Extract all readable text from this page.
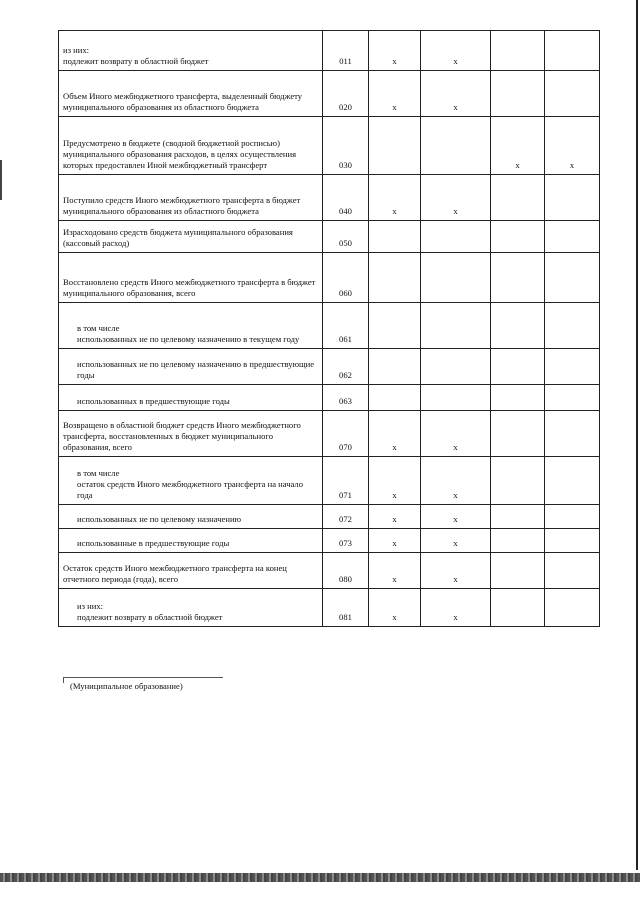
из них:
подлежит возврату в областной бюджет	011	x	x		
Объем Иного межбюджетного трансферта, выделенный бюджету муниципального образования из областного бюджета	020	x	x		
Предусмотрено в бюджете (сводной бюджетной росписью) муниципального образования расходов, в целях осуществления которых предоставлен Иной межбюджетный трансферт	030			x	x
Поступило средств Иного межбюджетного трансферта в бюджет муниципального образования из областного бюджета	040	x	x		
Израсходовано средств бюджета муниципального образования (кассовый расход)	050				
Восстановлено средств Иного межбюджетного трансферта в бюджет муниципального образования, всего	060				
в том числе
использованных не по целевому назначению в текущем году	061				
использованных не по целевому назначению в предшествующие годы	062				
использованных в предшествующие годы	063				
Возвращено в областной бюджет средств Иного межбюджетного трансферта, восстановленных в бюджет муниципального образования, всего	070	x	x		
в том числе
остаток средств Иного межбюджетного трансферта на начало года	071	x	x		
использованных не по целевому назначению	072	x	x		
использованные в предшествующие годы	073	x	x		
Остаток средств Иного межбюджетного трансферта на конец отчетного периода (года), всего	080	x	x		
из них:
подлежит возврату в областной бюджет	081	x	x		
(Муниципальное образование)
